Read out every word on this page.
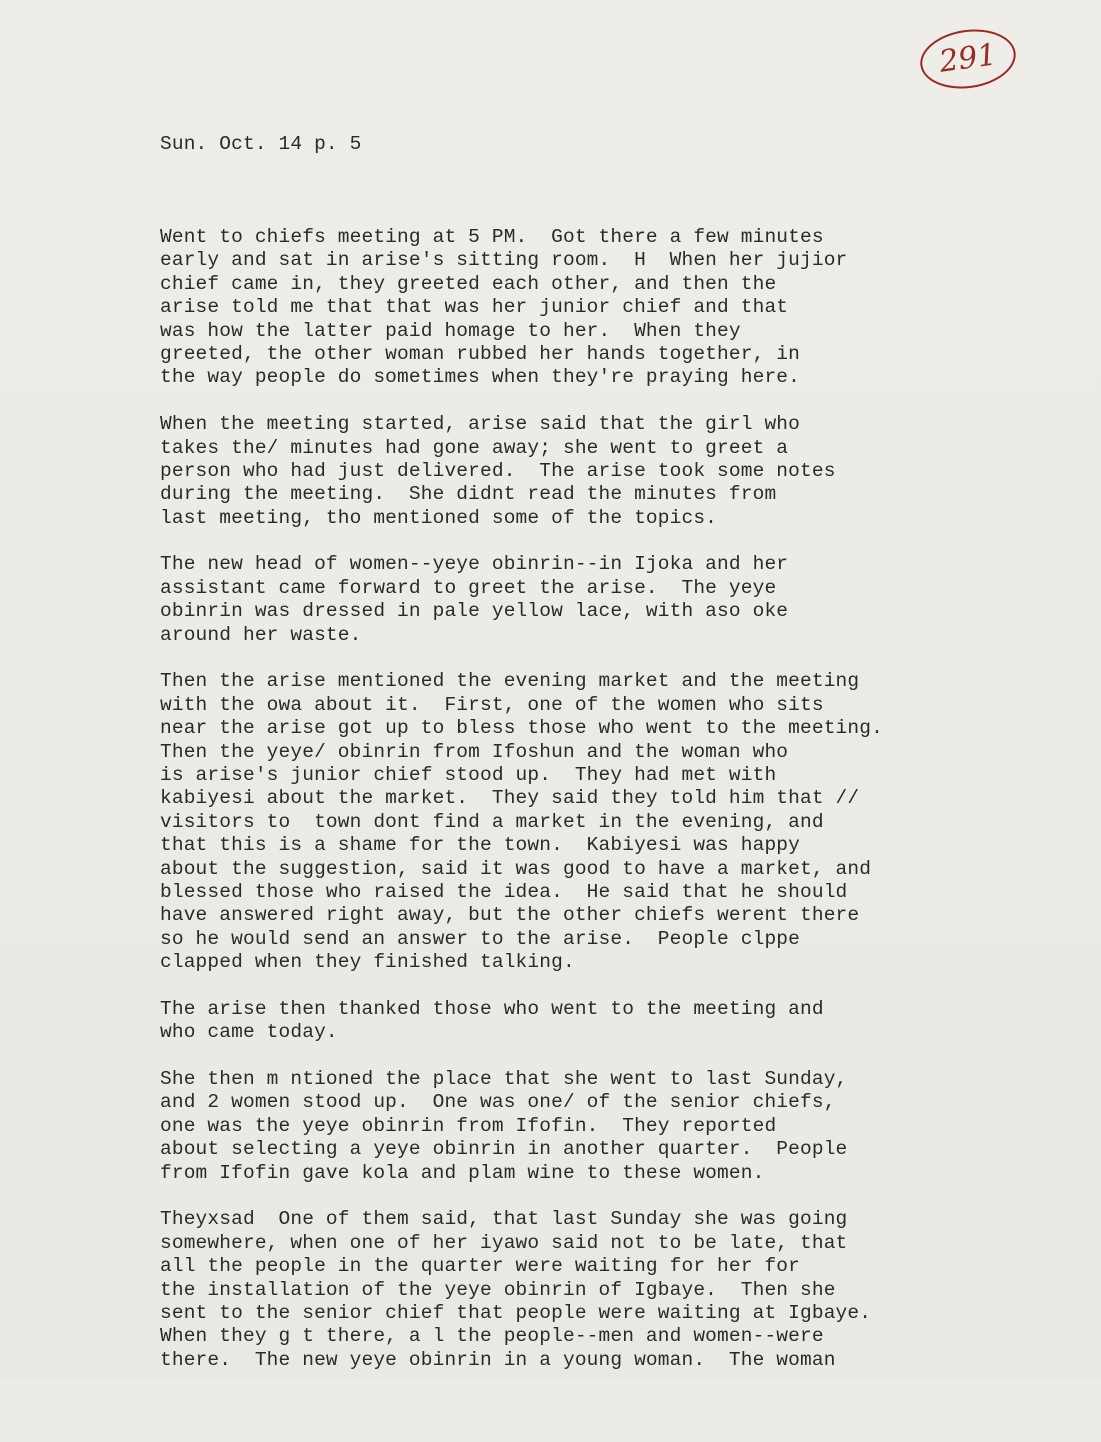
291

Sun. Oct. 14 p. 5

Went to chiefs meeting at 5 PM.  Got there a few minutes
early and sat in arise's sitting room.  H  When her jujior
chief came in, they greeted each other, and then the
arise told me that that was her junior chief and that
was how the latter paid homage to her.  When they
greeted, the other woman rubbed her hands together, in
the way people do sometimes when they're praying here.
When the meeting started, arise said that the girl who
takes the/ minutes had gone away; she went to greet a
person who had just delivered.  The arise took some notes
during the meeting.  She didnt read the minutes from
last meeting, tho mentioned some of the topics.
The new head of women--yeye obinrin--in Ijoka and her
assistant came forward to greet the arise.  The yeye
obinrin was dressed in pale yellow lace, with aso oke
around her waste.
Then the arise mentioned the evening market and the meeting
with the owa about it.  First, one of the women who sits
near the arise got up to bless those who went to the meeting.
Then the yeye/ obinrin from Ifoshun and the woman who
is arise's junior chief stood up.  They had met with
kabiyesi about the market.  They said they told him that //
visitors to  town dont find a market in the evening, and
that this is a shame for the town.  Kabiyesi was happy
about the suggestion, said it was good to have a market, and
blessed those who raised the idea.  He said that he should
have answered right away, but the other chiefs werent there
so he would send an answer to the arise.  People clppe
clapped when they finished talking.
The arise then thanked those who went to the meeting and
who came today.
She then m ntioned the place that she went to last Sunday,
and 2 women stood up.  One was one/ of the senior chiefs,
one was the yeye obinrin from Ifofin.  They reported
about selecting a yeye obinrin in another quarter.  People
from Ifofin gave kola and plam wine to these women.
Theyxsad  One of them said, that last Sunday she was going
somewhere, when one of her iyawo said not to be late, that
all the people in the quarter were waiting for her for
the installation of the yeye obinrin of Igbaye.  Then she
sent to the senior chief that people were waiting at Igbaye.
When they g t there, a l the people--men and women--were
there.  The new yeye obinrin in a young woman.  The woman
